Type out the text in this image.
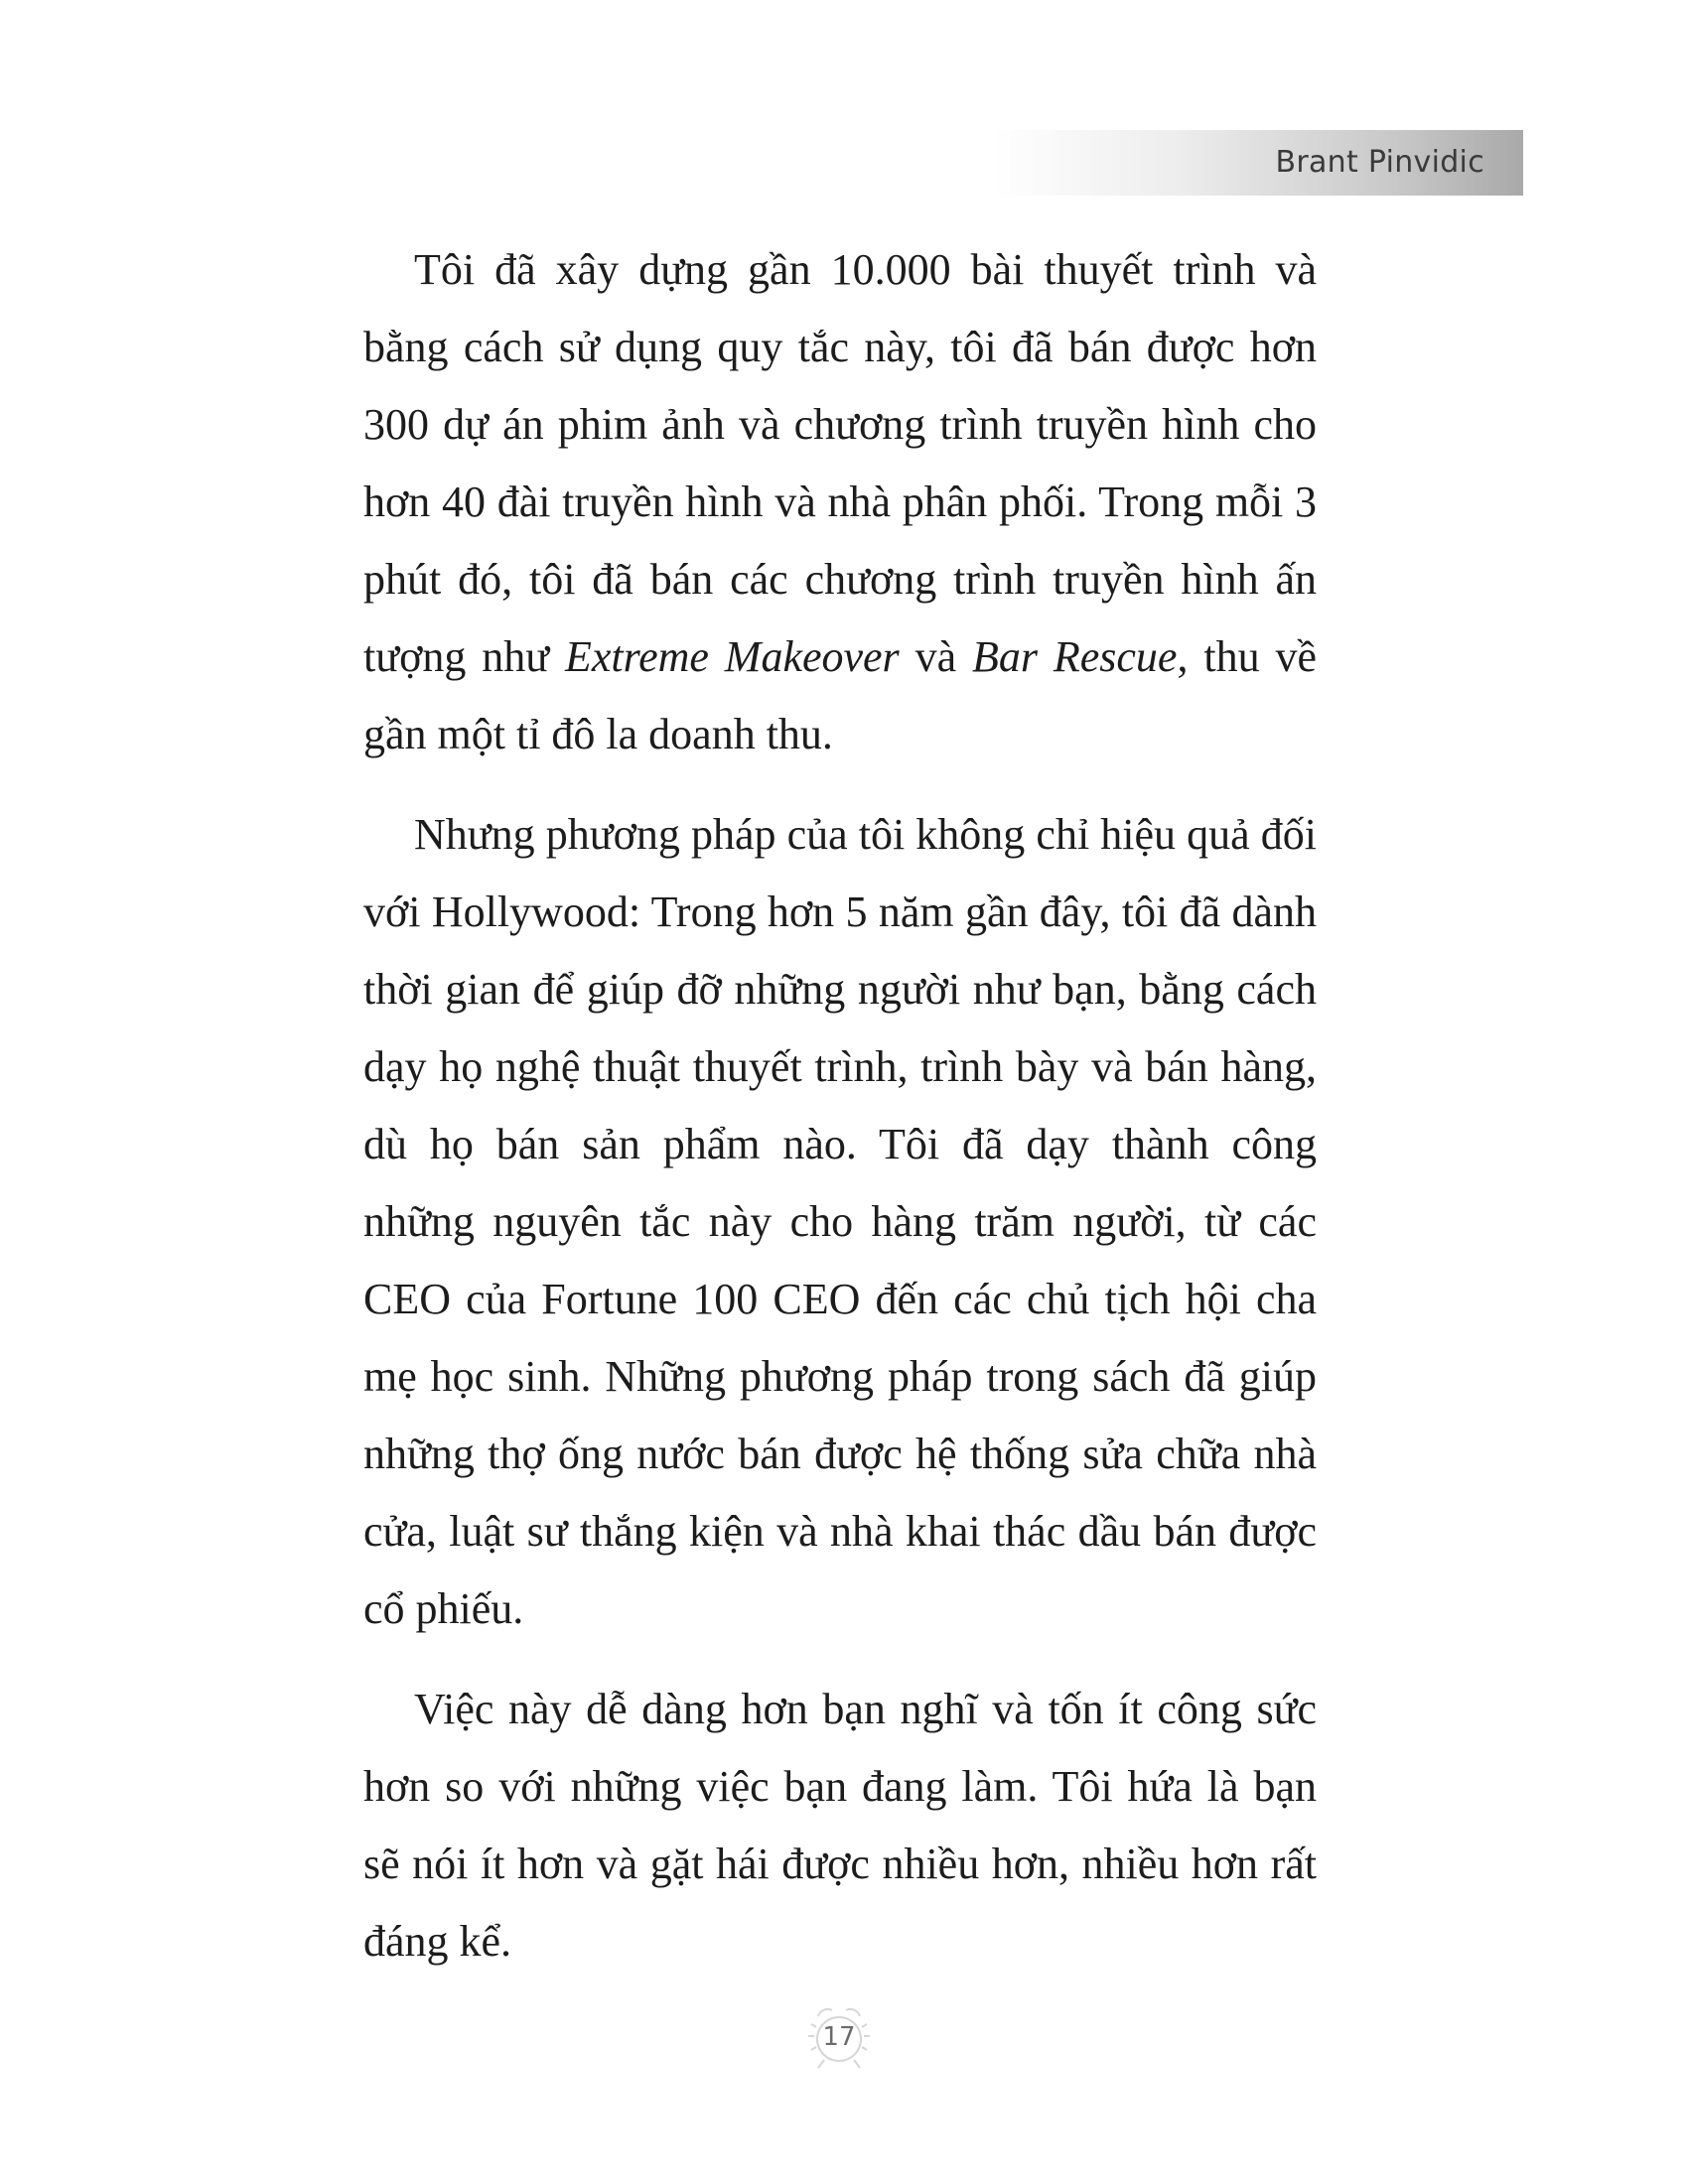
Brant Pinvidic

Tôi đã xây dựng gần 10.000 bài thuyết trình và bằng cách sử dụng quy tắc này, tôi đã bán được hơn 300 dự án phim ảnh và chương trình truyền hình cho hơn 40 đài truyền hình và nhà phân phối. Trong mỗi 3 phút đó, tôi đã bán các chương trình truyền hình ấn tượng như Extreme Makeover và Bar Rescue, thu về gần một tỉ đô la doanh thu.

Nhưng phương pháp của tôi không chỉ hiệu quả đối với Hollywood: Trong hơn 5 năm gần đây, tôi đã dành thời gian để giúp đỡ những người như bạn, bằng cách dạy họ nghệ thuật thuyết trình, trình bày và bán hàng, dù họ bán sản phẩm nào. Tôi đã dạy thành công những nguyên tắc này cho hàng trăm người, từ các CEO của Fortune 100 CEO đến các chủ tịch hội cha mẹ học sinh. Những phương pháp trong sách đã giúp những thợ ống nước bán được hệ thống sửa chữa nhà cửa, luật sư thắng kiện và nhà khai thác dầu bán được cổ phiếu.

Việc này dễ dàng hơn bạn nghĩ và tốn ít công sức hơn so với những việc bạn đang làm. Tôi hứa là bạn sẽ nói ít hơn và gặt hái được nhiều hơn, nhiều hơn rất đáng kể.

17
